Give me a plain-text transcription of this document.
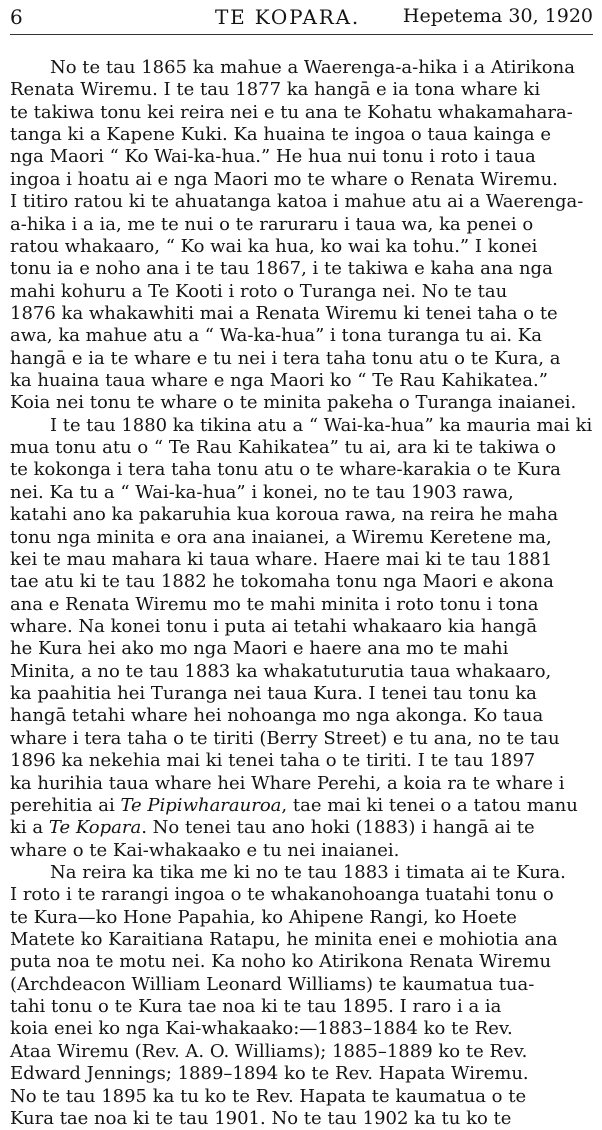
6	TE KOPARA. Hepetema 30, 1920
No te tau 1865 ka mahue a Waerenga-a-hika i a Atirikona
Renata Wiremu. I te tau 1877 ka hangā e ia tona whare ki
te takiwa tonu kei reira nei e tu ana te Kohatu whakamahara-
tanga ki a Kapene Kuki. Ka huaina te ingoa o taua kainga e
nga Maori “ Ko Wai-ka-hua.” He hua nui tonu i roto i taua
ingoa i hoatu ai e nga Maori mo te whare o Renata Wiremu.
I titiro ratou ki te ahuatanga katoa i mahue atu ai a Waerenga-
a-hika i a ia, me te nui o te raruraru i taua wa, ka penei o
ratou whakaaro, “ Ko wai ka hua, ko wai ka tohu.” I konei
tonu ia e noho ana i te tau 1867, i te takiwa e kaha ana nga
mahi kohuru a Te Kooti i roto o Turanga nei. No te tau
1876 ka whakawhiti mai a Renata Wiremu ki tenei taha o te
awa, ka mahue atu a “ Wa-ka-hua” i tona turanga tu ai. Ka
hangā e ia te whare e tu nei i tera taha tonu atu o te Kura, a
ka huaina taua whare e nga Maori ko “ Te Rau Kahikatea.”
Koia nei tonu te whare o te minita pakeha o Turanga inaianei.
I te tau 1880 ka tikina atu a “ Wai-ka-hua” ka mauria mai ki
mua tonu atu o “ Te Rau Kahikatea” tu ai, ara ki te takiwa o
te kokonga i tera taha tonu atu o te whare-karakia o te Kura
nei. Ka tu a “ Wai-ka-hua” i konei, no te tau 1903 rawa,
katahi ano ka pakaruhia kua koroua rawa, na reira he maha
tonu nga minita e ora ana inaianei, a Wiremu Keretene ma,
kei te mau mahara ki taua whare. Haere mai ki te tau 1881
tae atu ki te tau 1882 he tokomaha tonu nga Maori e akona
ana e Renata Wiremu mo te mahi minita i roto tonu i tona
whare. Na konei tonu i puta ai tetahi whakaaro kia hangā
he Kura hei ako mo nga Maori e haere ana mo te mahi
Minita, a no te tau 1883 ka whakatuturutia taua whakaaro,
ka paahitia hei Turanga nei taua Kura. I tenei tau tonu ka
hangā tetahi whare hei nohoanga mo nga akonga. Ko taua
whare i tera taha o te tiriti (Berry Street) e tu ana, no te tau
1896 ka nekehia mai ki tenei taha o te tiriti. I te tau 1897
ka hurihia taua whare hei Whare Perehi, a koia ra te whare i
perehitia ai Te Pipiwharauroa, tae mai ki tenei o a tatou manu
ki a Te Kopara. No tenei tau ano hoki (1883) i hangā ai te
whare o te Kai-whakaako e tu nei inaianei.
Na reira ka tika me ki no te tau 1883 i timata ai te Kura.
I roto i te rarangi ingoa o te whakanohoanga tuatahi tonu o
te Kura—ko Hone Papahia, ko Ahipene Rangi, ko Hoete
Matete ko Karaitiana Ratapu, he minita enei e mohiotia ana
puta noa te motu nei. Ka noho ko Atirikona Renata Wiremu
(Archdeacon William Leonard Williams) te kaumatua tua-
tahi tonu o te Kura tae noa ki te tau 1895. I raro i a ia
koia enei ko nga Kai-whakaako:—1883–1884 ko te Rev.
Ataa Wiremu (Rev. A. O. Williams); 1885–1889 ko te Rev.
Edward Jennings; 1889–1894 ko te Rev. Hapata Wiremu.
No te tau 1895 ka tu ko te Rev. Hapata te kaumatua o te
Kura tae noa ki te tau 1901. No te tau 1902 ka tu ko te
